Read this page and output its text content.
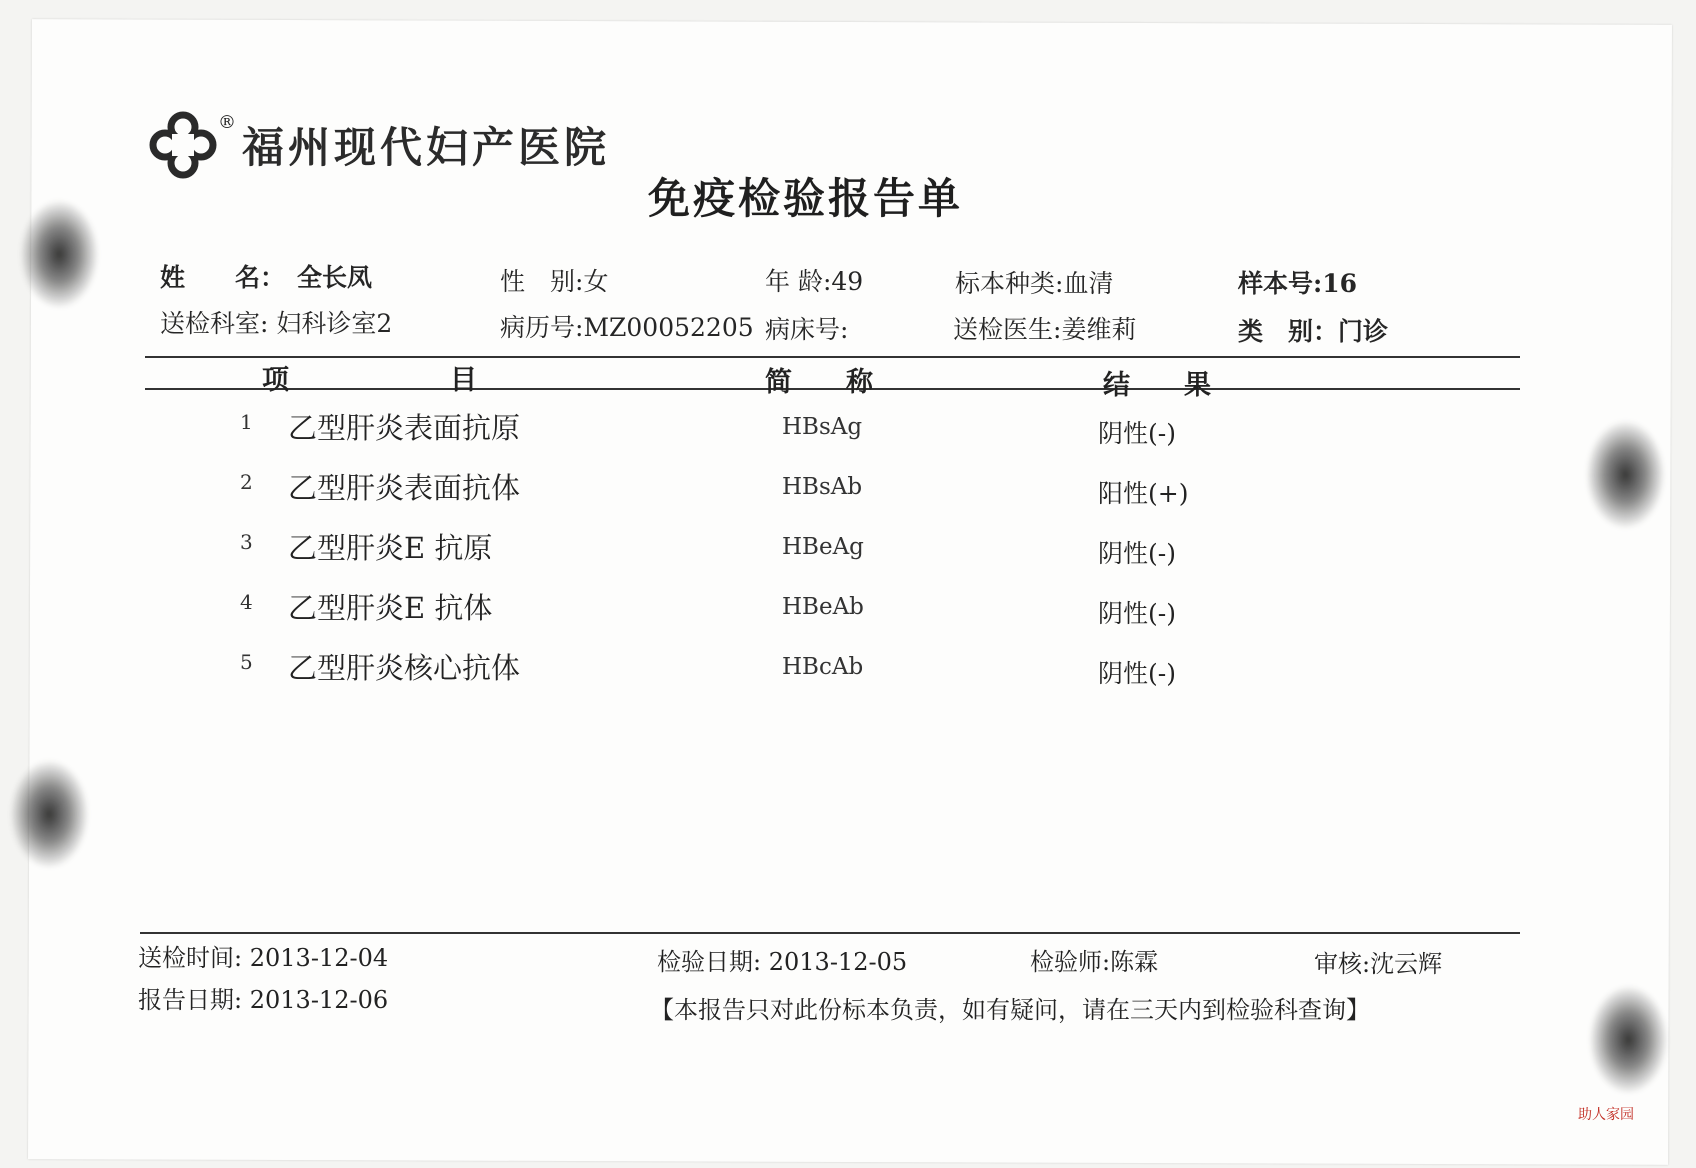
®
福州现代妇产医院
免疫检验报告单
姓　　名： 全长凤	性　别:女	年 龄:49	标本种类:血清	样本号:16
送检科室: 妇科诊室2	病历号:MZ00052205 病床号:	送检医生:姜维莉	类　别：门诊
项	目	简　　称	结　　果
1 乙型肝炎表面抗原	HBsAg	阴性(-)
2 乙型肝炎表面抗体	HBsAb	阳性(+)
3 乙型肝炎E 抗原	HBeAg	阴性(-)
4 乙型肝炎E 抗体	HBeAb	阴性(-)
5 乙型肝炎核心抗体	HBcAb	阴性(-)
送检时间: 2013-12-04
报告日期: 2013-12-06
检验日期: 2013-12-05	检验师:陈霖	审核:沈云辉
【本报告只对此份标本负责，如有疑问，请在三天内到检验科查询】
助人家园
